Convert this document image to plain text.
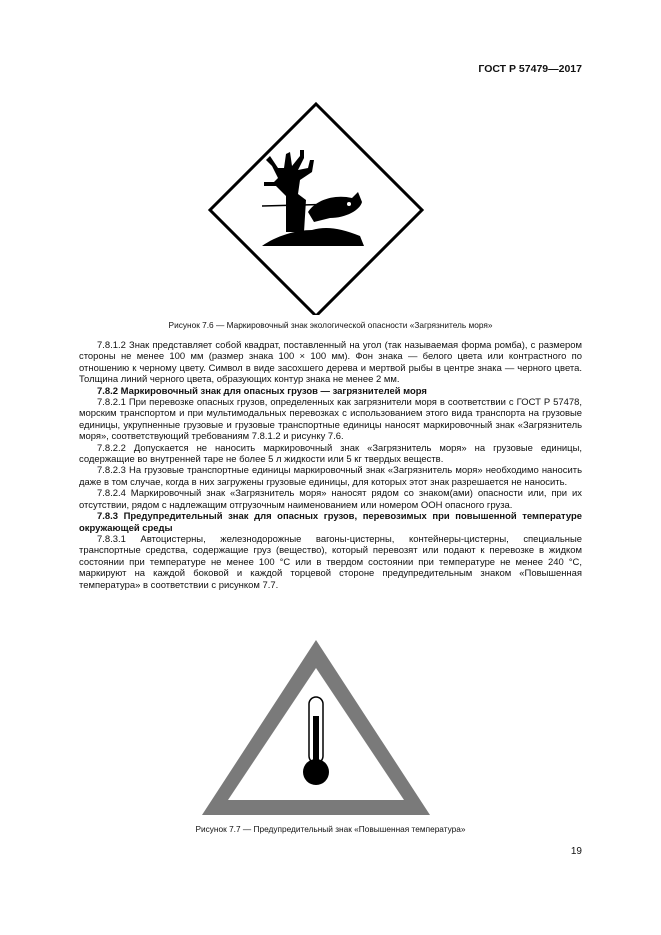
ГОСТ Р 57479—2017
Рисунок 7.6 — Маркировочный знак экологической опасности «Загрязнитель моря»

7.8.1.2 Знак представляет собой квадрат, поставленный на угол (так называемая форма ромба), с размером стороны не менее 100 мм (размер знака 100 × 100 мм). Фон знака — белого цвета или контрастного по отношению к черному цвету. Символ в виде засохшего дерева и мертвой рыбы в центре знака — черного цвета. Толщина линий черного цвета, образующих контур знака не менее 2 мм.

7.8.2 Маркировочный знак для опасных грузов — загрязнителей моря

7.8.2.1 При перевозке опасных грузов, определенных как загрязнители моря в соответствии с ГОСТ Р 57478, морским транспортом и при мультимодальных перевозках с использованием этого вида транспорта на грузовые единицы, укрупненные грузовые и грузовые транспортные единицы наносят маркировочный знак «Загрязнитель моря», соответствующий требованиям 7.8.1.2 и рисунку 7.6.

7.8.2.2 Допускается не наносить маркировочный знак «Загрязнитель моря» на грузовые единицы, содержащие во внутренней таре не более 5 л жидкости или 5 кг твердых веществ.

7.8.2.3 На грузовые транспортные единицы маркировочный знак «Загрязнитель моря» необходимо наносить даже в том случае, когда в них загружены грузовые единицы, для которых этот знак разрешается не наносить.

7.8.2.4 Маркировочный знак «Загрязнитель моря» наносят рядом со знаком(ами) опасности или, при их отсутствии, рядом с надлежащим отгрузочным наименованием или номером ООН опасного груза.

7.8.3 Предупредительный знак для опасных грузов, перевозимых при повышенной температуре окружающей среды

7.8.3.1 Автоцистерны, железнодорожные вагоны-цистерны, контейнеры-цистерны, специальные транспортные средства, содержащие груз (вещество), который перевозят или подают к перевозке в жидком состоянии при температуре не менее 100 °C или в твердом состоянии при температуре не менее 240 °C, маркируют на каждой боковой и каждой торцевой стороне предупредительным знаком «Повышенная температура» в соответствии с рисунком 7.7.

Рисунок 7.7 — Предупредительный знак «Повышенная температура»
19
